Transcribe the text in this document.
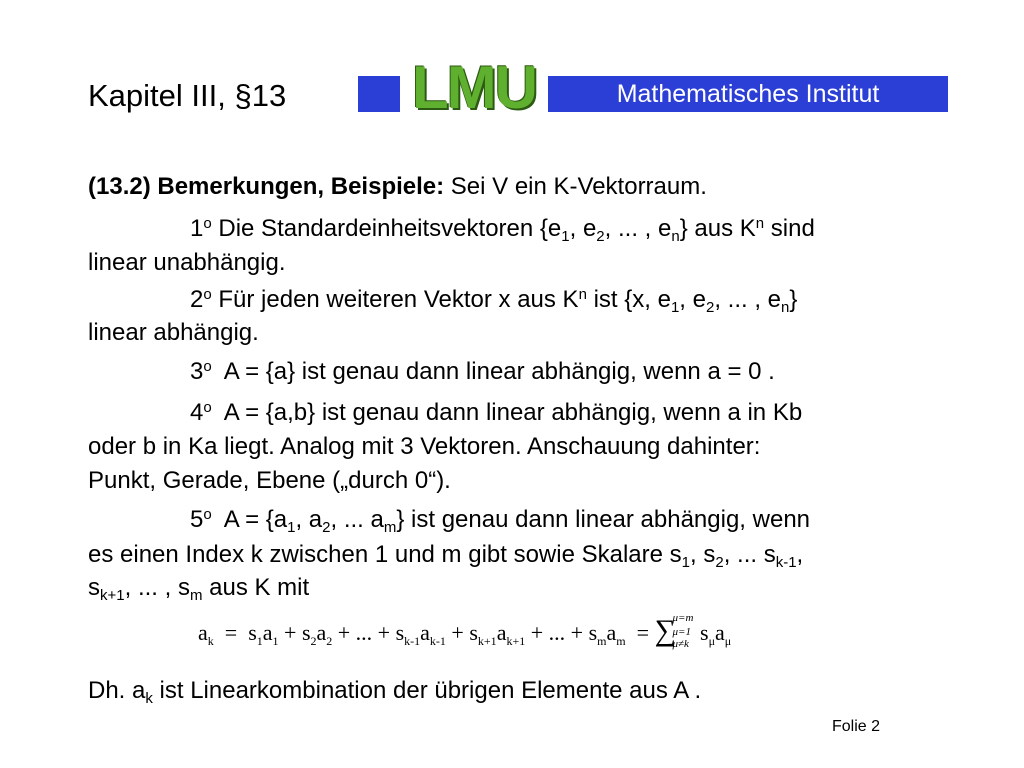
Kapitel III, §13 LMU	Mathematisches Institut
(13.2) Bemerkungen, Beispiele: Sei V ein K-Vektorraum.
1$^o$ Die Standardeinheitsvektoren {$e_1$, $e_2$, ... , $e_n$} aus $K^n$ sind
linear unabhängig.
2$^o$ Für jeden weiteren Vektor x aus $K^n$ ist {x, $e_1$, $e_2$, ... , $e_n$}
linear abhängig.
3$^o$ A = {a} ist genau dann linear abhängig, wenn a = 0 .
4$^o$ A = {a,b} ist genau dann linear abhängig, wenn a in Kb
oder b in Ka liegt. Analog mit 3 Vektoren. Anschauung dahinter:
Punkt, Gerade, Ebene („durch 0“).
5$^o$ $A = \{a_1$, $a_2$, ... $a_m$} ist genau dann linear abhängig, wenn
es einen Index k zwischen 1 und m gibt sowie Skalare $s_1$, $s_2$, ... $s_{k-1}$,
$s_{k+1}$, ... , $s_m$ aus K mit
$a_k = s_1a_1 + s_2a_2$ + ... + $s_{k-1}a_{k-1} + s_{k+1}a_{k+1}$ + ... + $s_ma_m$ = ∑
μ=m
μ=1
μ≠k $s_\mu a_\mu$
Dh. $a_k$ ist Linearkombination der übrigen Elemente aus A .
Folie 2
